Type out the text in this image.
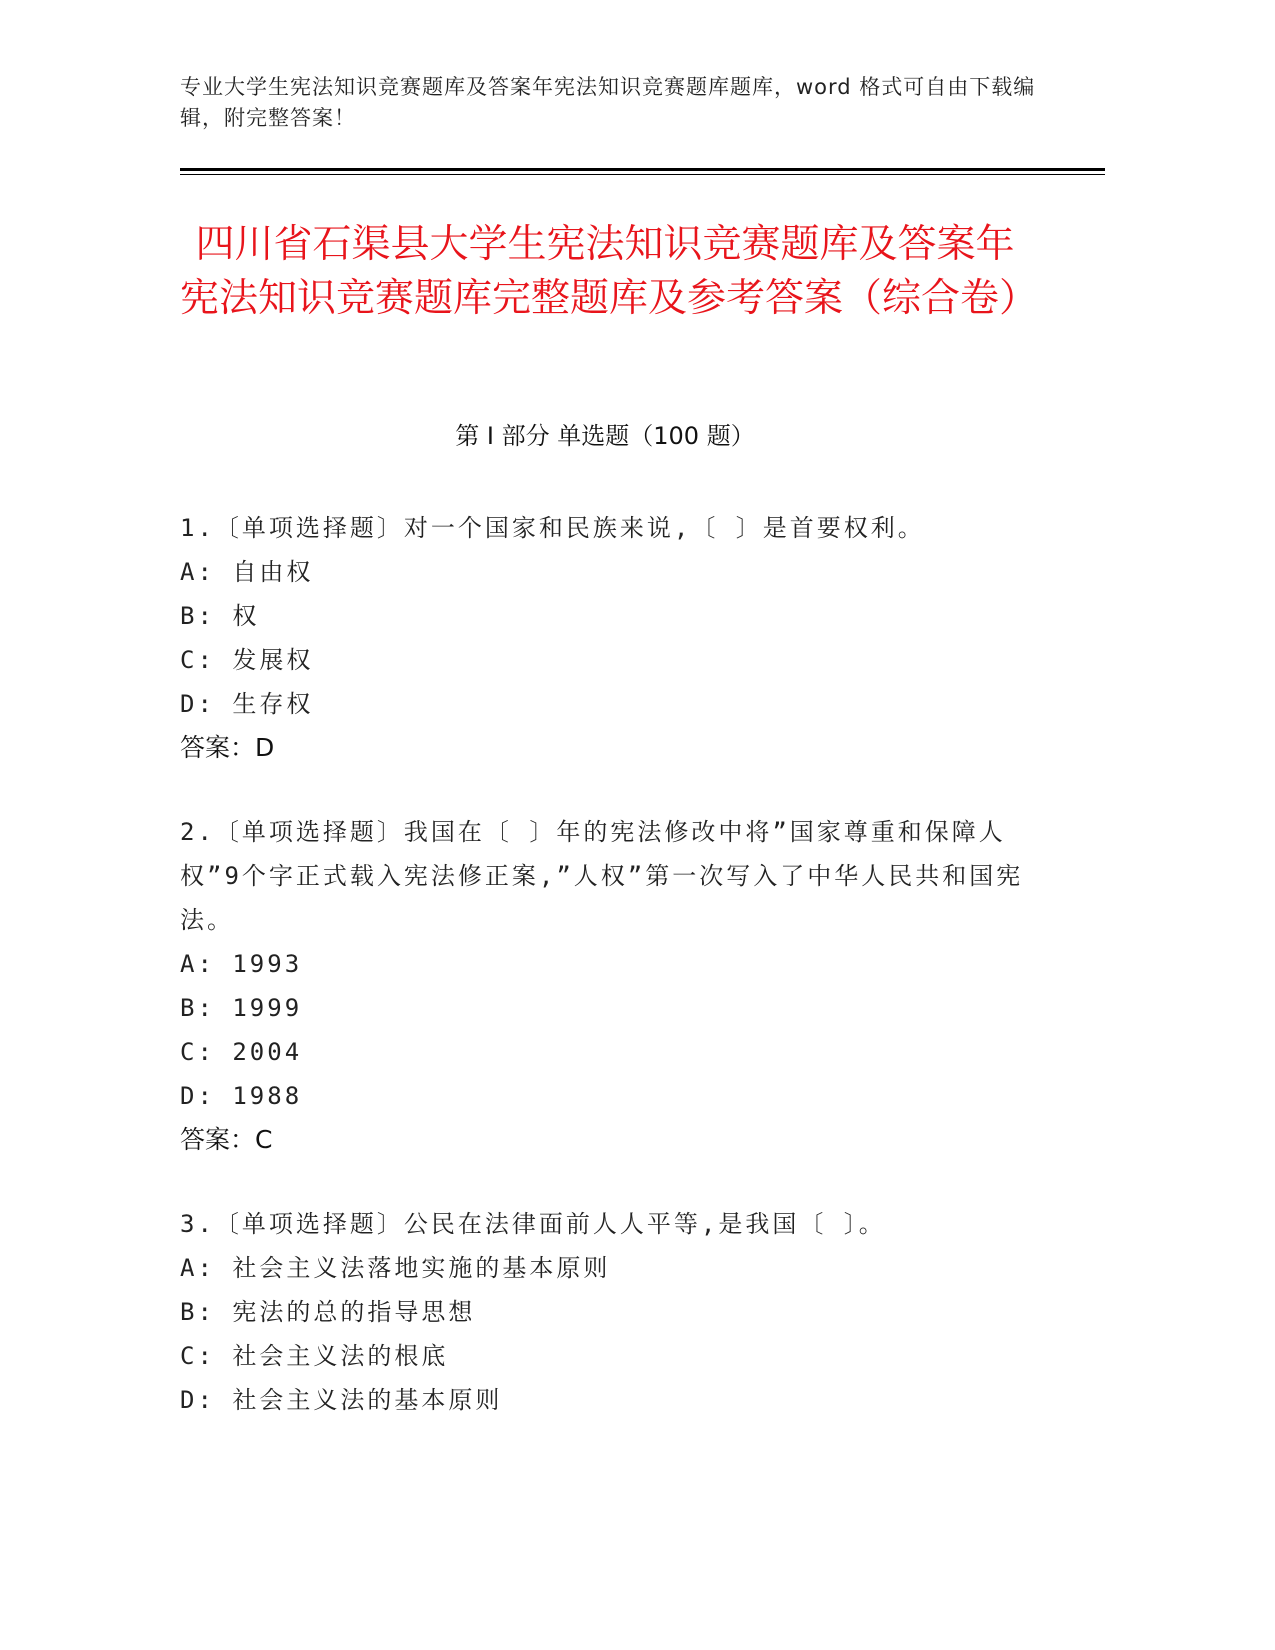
专业大学生宪法知识竞赛题库及答案年宪法知识竞赛题库题库，word 格式可自由下载编辑，附完整答案！
四川省石渠县大学生宪法知识竞赛题库及答案年宪法知识竞赛题库完整题库及参考答案（综合卷）
第 I 部分 单选题（100 题）

1.〔单项选择题〕对一个国家和民族来说,〔 〕是首要权利。

A: 自由权

B: 权

C: 发展权

D: 生存权

答案：D

2.〔单项选择题〕我国在〔 〕年的宪法修改中将”国家尊重和保障人权”9个字正式载入宪法修正案,”人权”第一次写入了中华人民共和国宪法。

A: 1993

B: 1999

C: 2004

D: 1988

答案：C

3.〔单项选择题〕公民在法律面前人人平等,是我国〔 〕。

A: 社会主义法落地实施的基本原则

B: 宪法的总的指导思想

C: 社会主义法的根底

D: 社会主义法的基本原则
